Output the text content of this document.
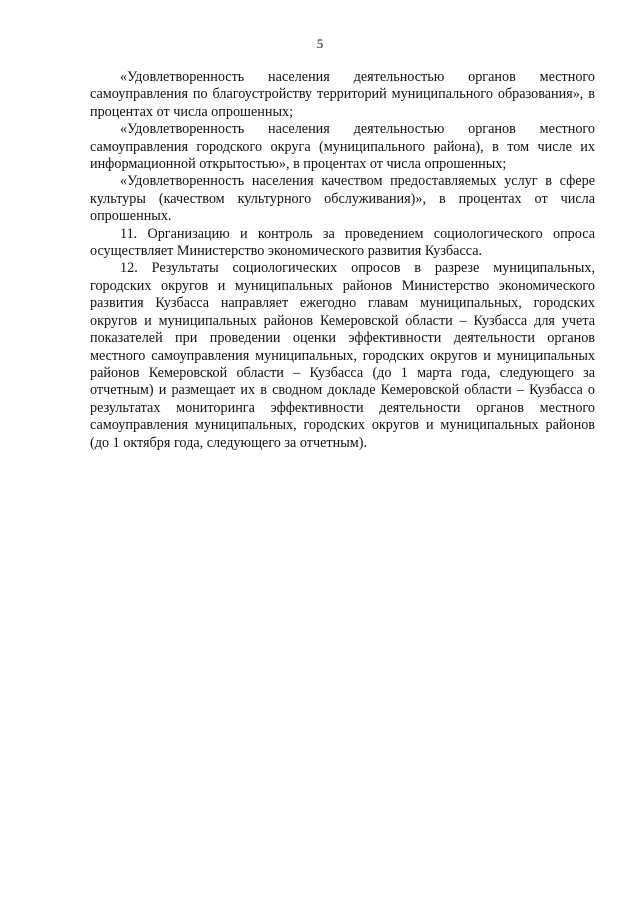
5

«Удовлетворенность населения деятельностью органов местного самоуправления по благоустройству территорий муниципального образования», в процентах от числа опрошенных;

«Удовлетворенность населения деятельностью органов местного самоуправления городского округа (муниципального района), в том числе их информационной открытостью», в процентах от числа опрошенных;

«Удовлетворенность населения качеством предоставляемых услуг в сфере культуры (качеством культурного обслуживания)», в процентах от числа опрошенных.

11. Организацию и контроль за проведением социологического опроса осуществляет Министерство экономического развития Кузбасса.

12. Результаты социологических опросов в разрезе муниципальных, городских округов и муниципальных районов Министерство экономического развития Кузбасса направляет ежегодно главам муниципальных, городских округов и муниципальных районов Кемеровской области – Кузбасса для учета показателей при проведении оценки эффективности деятельности органов местного самоуправления муниципальных, городских округов и муниципальных районов Кемеровской области – Кузбасса (до 1 марта года, следующего за отчетным) и размещает их в сводном докладе Кемеровской области – Кузбасса о результатах мониторинга эффективности деятельности органов местного самоуправления муниципальных, городских округов и муниципальных районов (до 1 октября года, следующего за отчетным).
